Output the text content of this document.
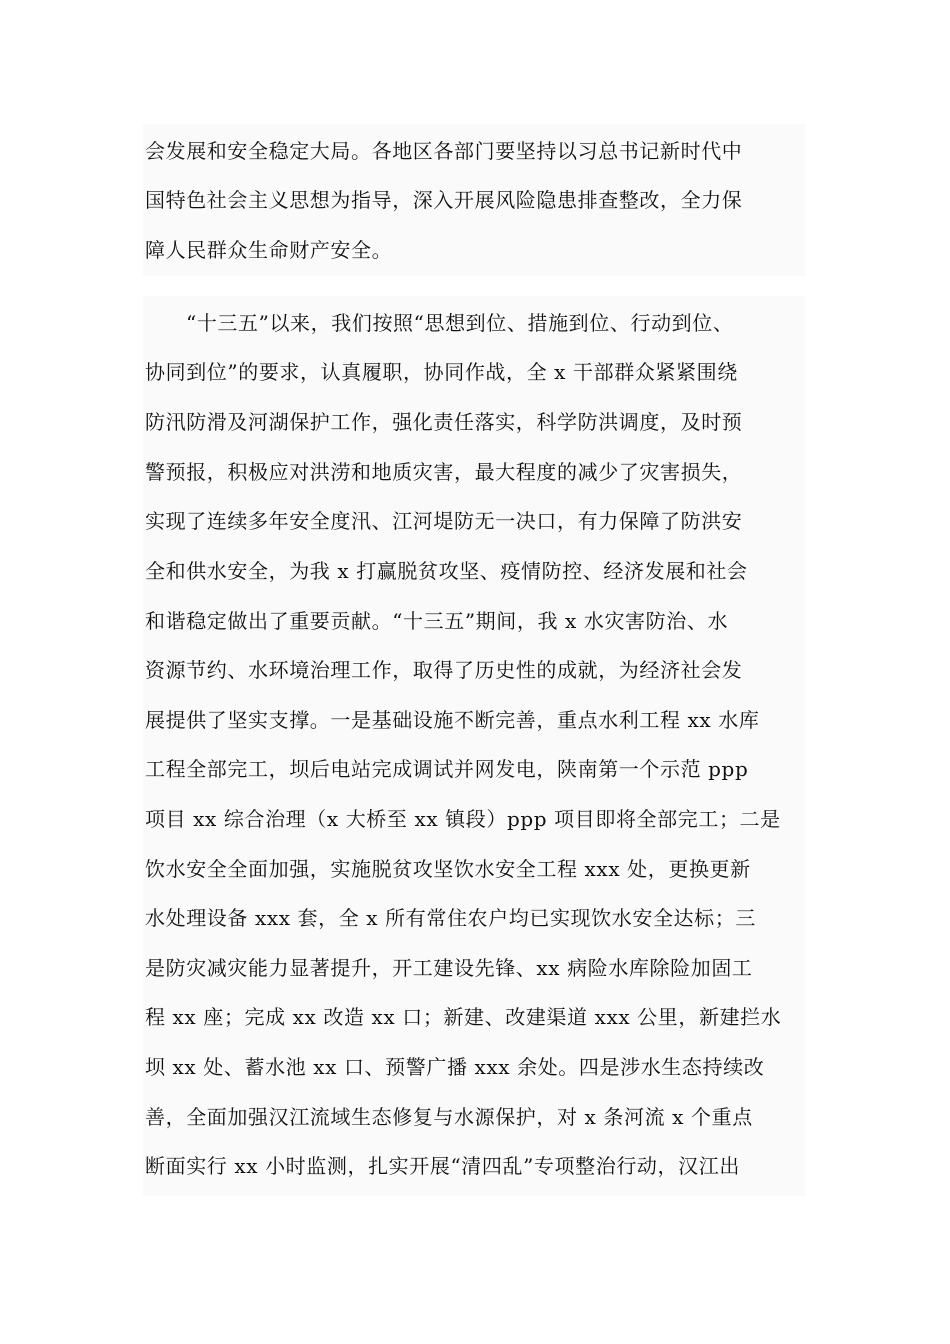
会发展和安全稳定大局。各地区各部门要坚持以习总书记新时代中
国特色社会主义思想为指导，深入开展风险隐患排查整改，全力保
障人民群众生命财产安全。
“十三五”以来，我们按照“思想到位、措施到位、行动到位、
协同到位”的要求，认真履职，协同作战，全 x 干部群众紧紧围绕
防汛防滑及河湖保护工作，强化责任落实，科学防洪调度，及时预
警预报，积极应对洪涝和地质灾害，最大程度的减少了灾害损失，
实现了连续多年安全度汛、江河堤防无一决口，有力保障了防洪安
全和供水安全，为我 x 打赢脱贫攻坚、疫情防控、经济发展和社会
和谐稳定做出了重要贡献。“十三五”期间，我 x 水灾害防治、水
资源节约、水环境治理工作，取得了历史性的成就，为经济社会发
展提供了坚实支撑。一是基础设施不断完善，重点水利工程 xx 水库
工程全部完工，坝后电站完成调试并网发电，陕南第一个示范 ppp
项目 xx 综合治理（x 大桥至 xx 镇段）ppp 项目即将全部完工；二是
饮水安全全面加强，实施脱贫攻坚饮水安全工程 xxx 处，更换更新
水处理设备 xxx 套，全 x 所有常住农户均已实现饮水安全达标；三
是防灾减灾能力显著提升，开工建设先锋、xx 病险水库除险加固工
程 xx 座；完成 xx 改造 xx 口；新建、改建渠道 xxx 公里，新建拦水
坝 xx 处、蓄水池 xx 口、预警广播 xxx 余处。四是涉水生态持续改
善，全面加强汉江流域生态修复与水源保护，对 x 条河流 x 个重点
断面实行 xx 小时监测，扎实开展“清四乱”专项整治行动，汉江出
